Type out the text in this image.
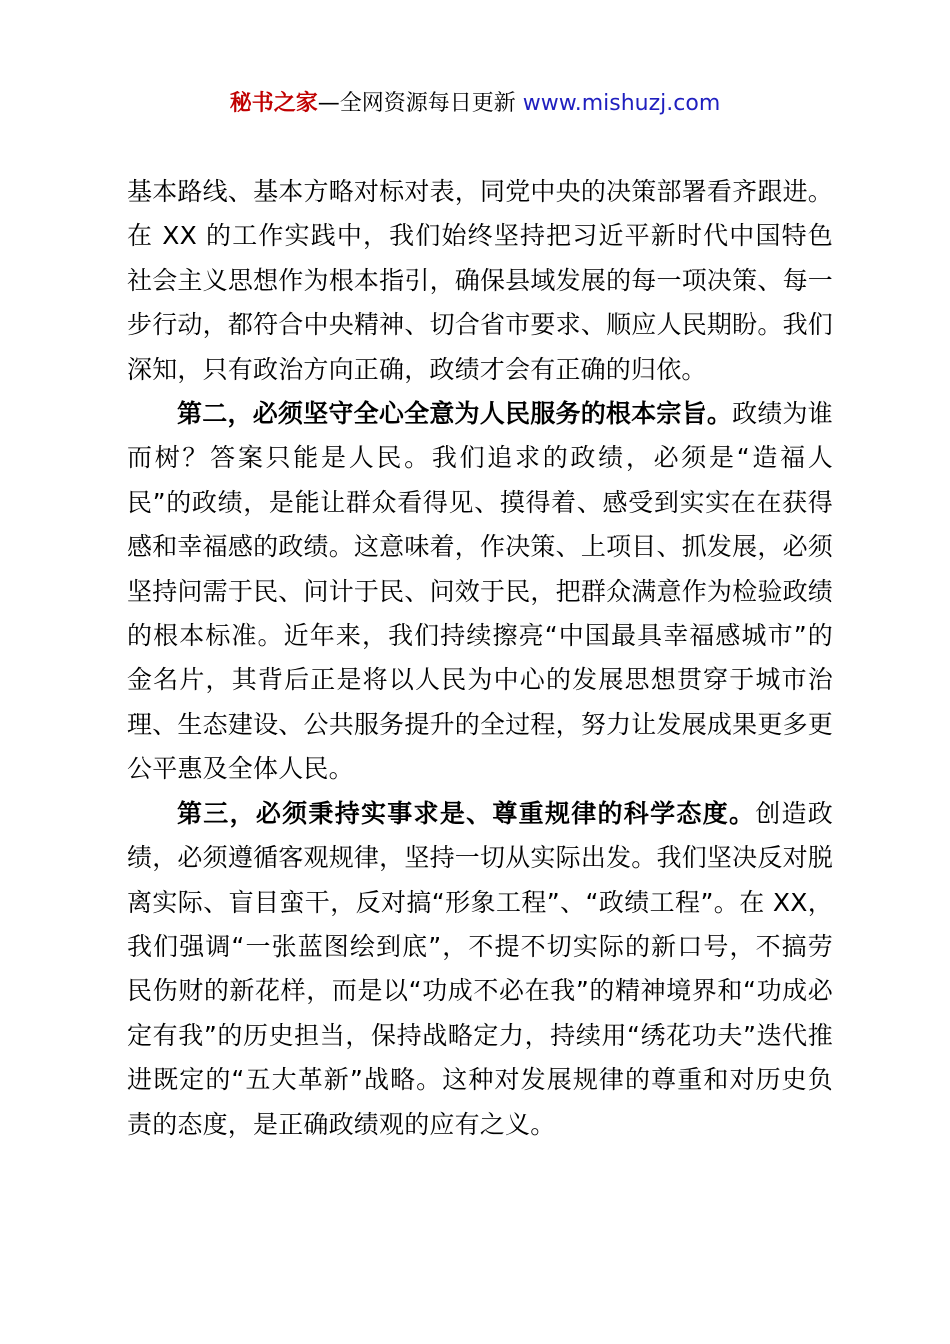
秘书之家—全网资源每日更新 www.mishuzj.com

基本路线、基本方略对标对表，同党中央的决策部署看齐跟进。在 XX 的工作实践中，我们始终坚持把习近平新时代中国特色社会主义思想作为根本指引，确保县域发展的每一项决策、每一步行动，都符合中央精神、切合省市要求、顺应人民期盼。我们深知，只有政治方向正确，政绩才会有正确的归依。

第二，必须坚守全心全意为人民服务的根本宗旨。政绩为谁而树？答案只能是人民。我们追求的政绩，必须是“造福人民”的政绩，是能让群众看得见、摸得着、感受到实实在在获得感和幸福感的政绩。这意味着，作决策、上项目、抓发展，必须坚持问需于民、问计于民、问效于民，把群众满意作为检验政绩的根本标准。近年来，我们持续擦亮“中国最具幸福感城市”的金名片，其背后正是将以人民为中心的发展思想贯穿于城市治理、生态建设、公共服务提升的全过程，努力让发展成果更多更公平惠及全体人民。

第三，必须秉持实事求是、尊重规律的科学态度。创造政绩，必须遵循客观规律，坚持一切从实际出发。我们坚决反对脱离实际、盲目蛮干，反对搞“形象工程”、“政绩工程”。在 XX，我们强调“一张蓝图绘到底”，不提不切实际的新口号，不搞劳民伤财的新花样，而是以“功成不必在我”的精神境界和“功成必定有我”的历史担当，保持战略定力，持续用“绣花功夫”迭代推进既定的“五大革新”战略。这种对发展规律的尊重和对历史负责的态度，是正确政绩观的应有之义。
